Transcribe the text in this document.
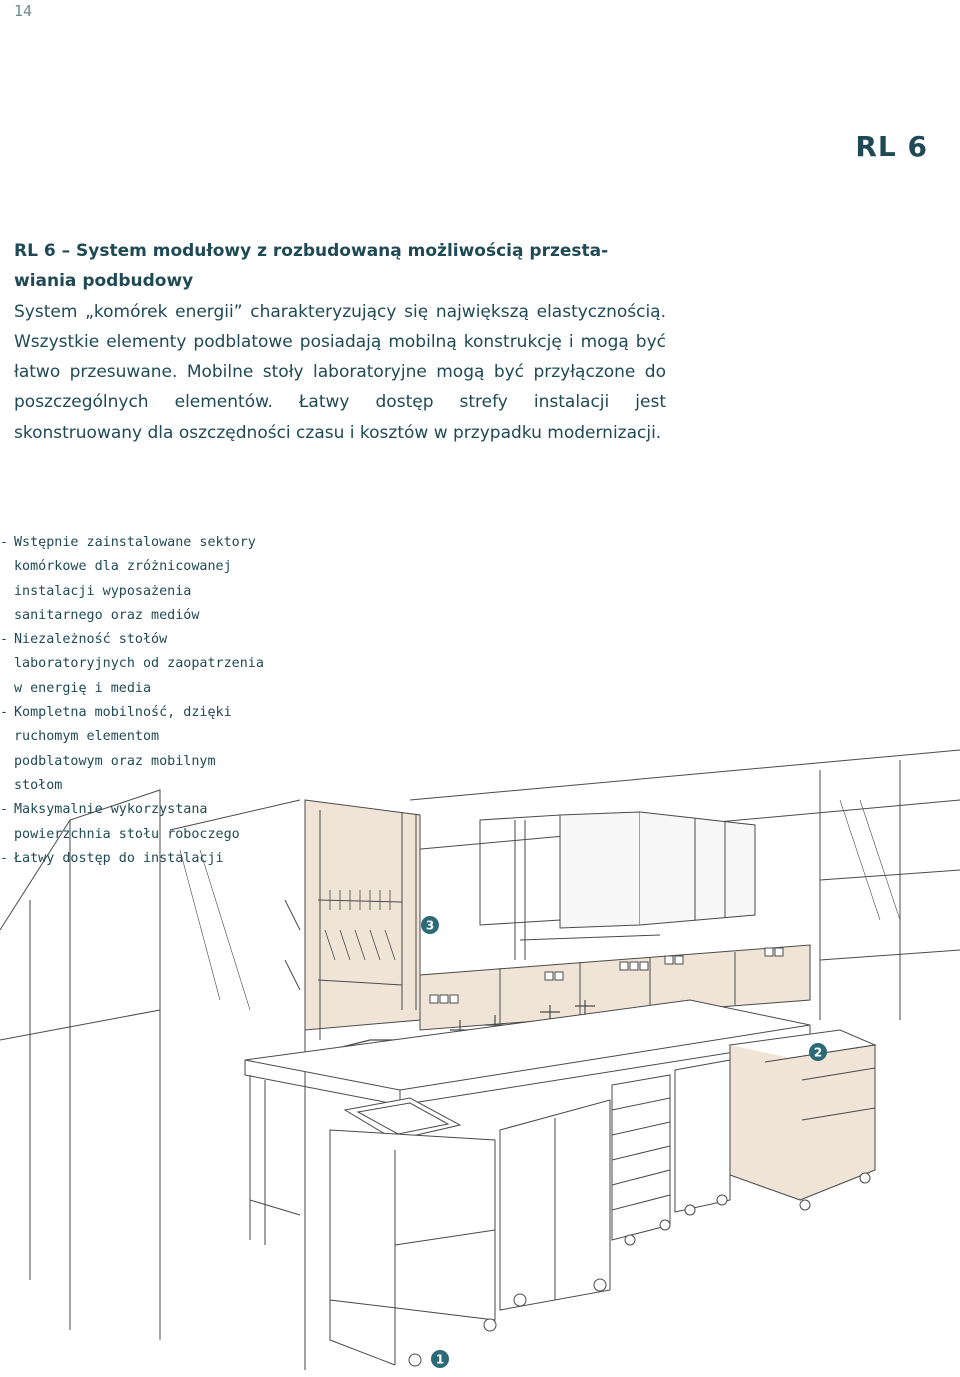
14
RL 6

RL 6 – System modułowy z rozbudowaną możliwością przesta-
wiania podbudowy

System „komórek energii” charakteryzujący się największą elastycznością. Wszystkie elementy podblatowe posiadają mobilną konstrukcję i mogą być łatwo przesuwane. Mobilne stoły laboratoryjne mogą być przyłączone do poszczególnych elementów. Łatwy dostęp strefy instalacji jest skonstruowany dla oszczędności czasu i kosztów w przypadku modernizacji.

- Wstępnie zainstalowane sektory
komórkowe dla zróżnicowanej
instalacji wyposażenia
sanitarnego oraz mediów
- Niezależność stołów
laboratoryjnych od zaopatrzenia
w energię i media
- Kompletna mobilność, dzięki
ruchomym elementom
podblatowym oraz mobilnym
stołom
- Maksymalnie wykorzystana
powierzchnia stołu roboczego
- Łatwy dostęp do instalacji
1
2
3
